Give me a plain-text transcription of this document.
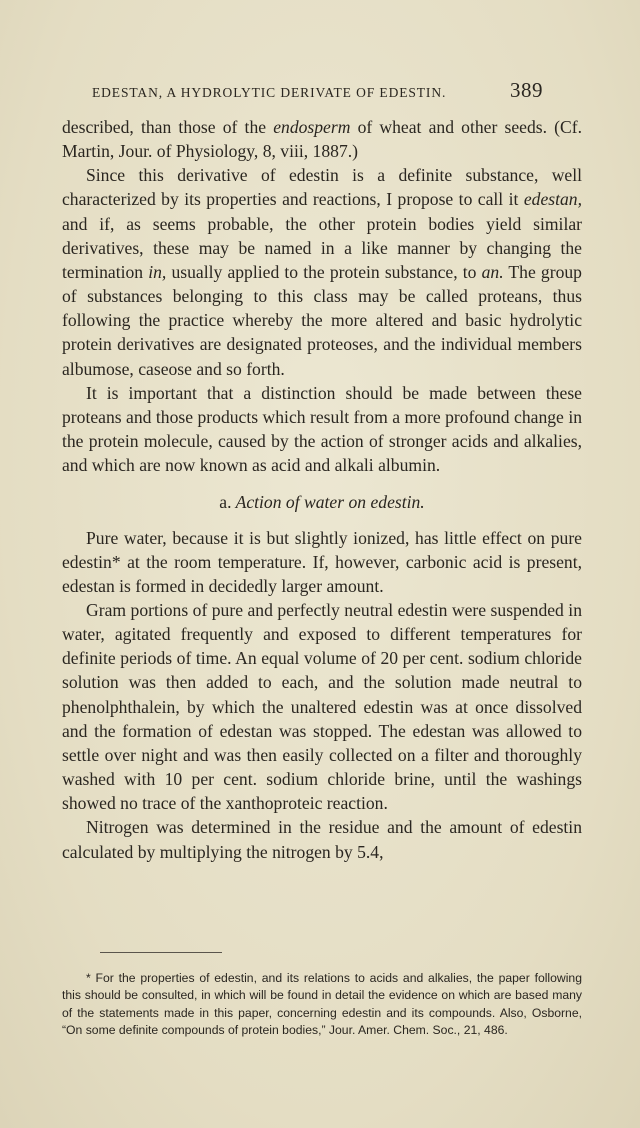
EDESTAN, A HYDROLYTIC DERIVATE OF EDESTIN.	389

described, than those of the endosperm of wheat and other seeds. (Cf. Martin, Jour. of Physiology, 8, viii, 1887.)

Since this derivative of edestin is a definite substance, well characterized by its properties and reactions, I propose to call it edestan, and if, as seems probable, the other protein bodies yield similar derivatives, these may be named in a like manner by changing the termination in, usually applied to the protein substance, to an. The group of substances belonging to this class may be called proteans, thus following the practice whereby the more altered and basic hydrolytic protein derivatives are designated proteoses, and the individual members albumose, caseose and so forth.

It is important that a distinction should be made between these proteans and those products which result from a more profound change in the protein molecule, caused by the action of stronger acids and alkalies, and which are now known as acid and alkali albumin.

a. Action of water on edestin.

Pure water, because it is but slightly ionized, has little effect on pure edestin* at the room temperature. If, however, carbonic acid is present, edestan is formed in decidedly larger amount.

Gram portions of pure and perfectly neutral edestin were suspended in water, agitated frequently and exposed to different temperatures for definite periods of time. An equal volume of 20 per cent. sodium chloride solution was then added to each, and the solution made neutral to phenolphthalein, by which the unaltered edestin was at once dissolved and the formation of edestan was stopped. The edestan was allowed to settle over night and was then easily collected on a filter and thoroughly washed with 10 per cent. sodium chloride brine, until the washings showed no trace of the xanthoproteic reaction.

Nitrogen was determined in the residue and the amount of edestin calculated by multiplying the nitrogen by 5.4,

* For the properties of edestin, and its relations to acids and alkalies, the paper following this should be consulted, in which will be found in detail the evidence on which are based many of the statements made in this paper, concerning edestin and its compounds. Also, Osborne, “On some definite compounds of protein bodies,” Jour. Amer. Chem. Soc., 21, 486.
